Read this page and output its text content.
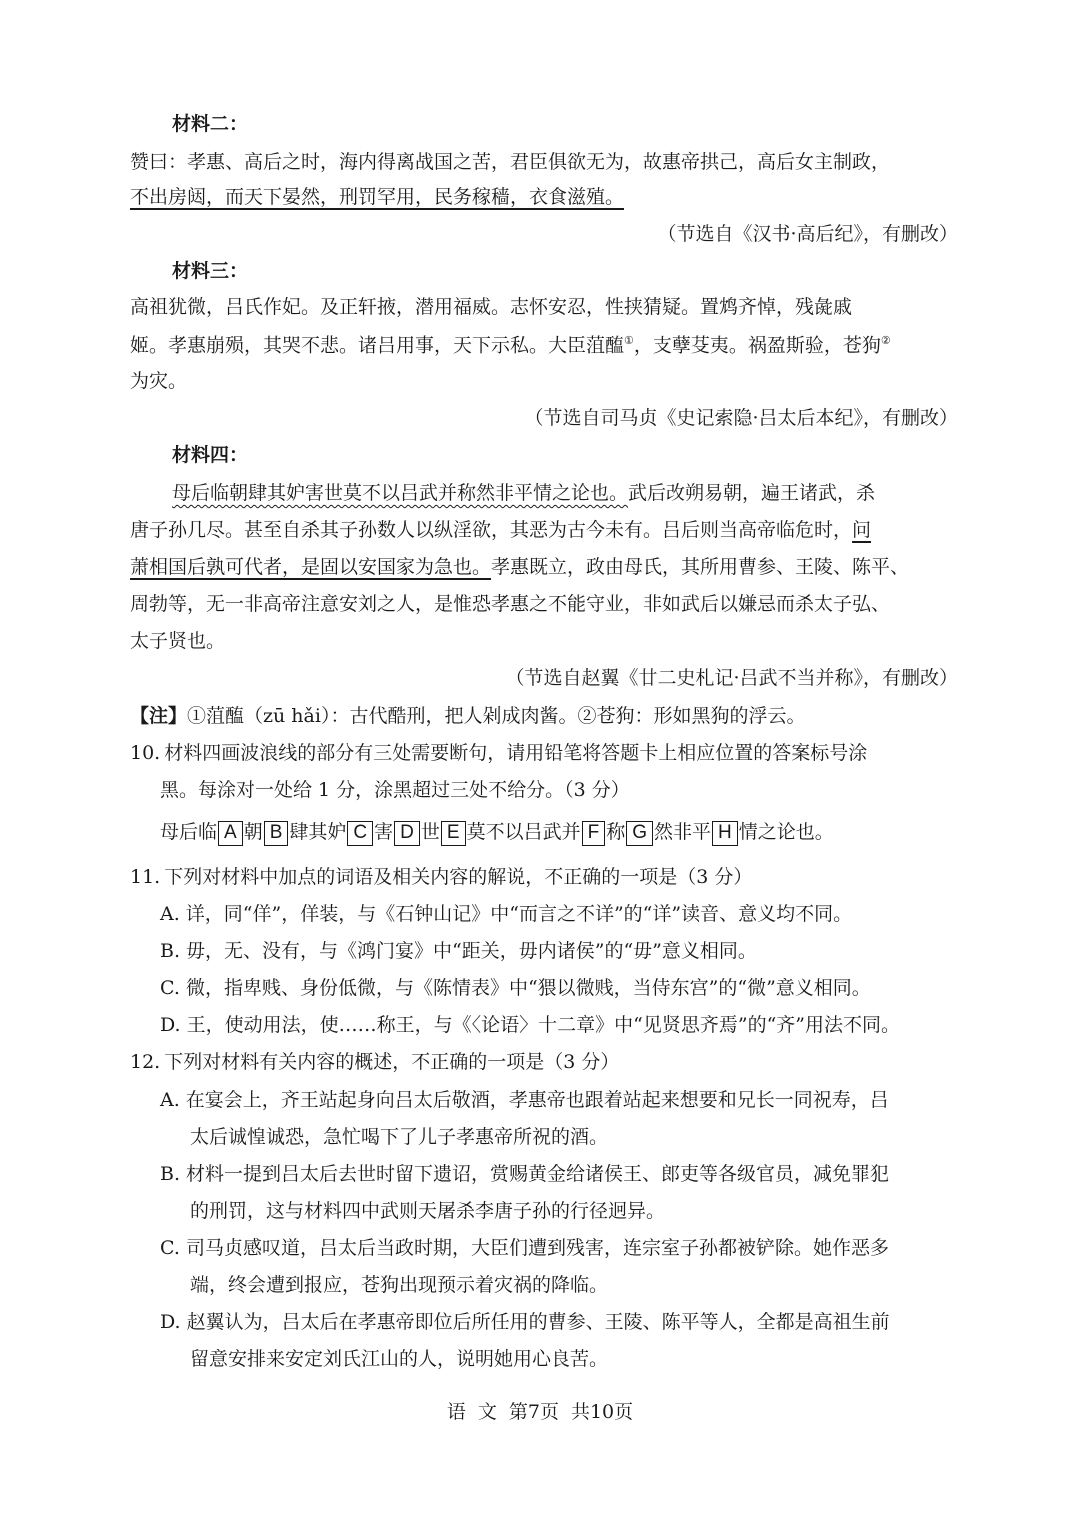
材料二：
赞曰：孝惠、高后之时，海内得离战国之苦，君臣俱欲无为，故惠帝拱己，高后女主制政，
不出房闼，而天下晏然，刑罚罕用，民务稼穑，衣食滋殖。
（节选自《汉书·高后纪》，有删改）
材料三：
高祖犹微，吕氏作妃。及正轩掖，潜用福威。志怀安忍，性挟猜疑。置鸩齐悼，残彘戚
姬。孝惠崩殒，其哭不悲。诸吕用事，天下示私。大臣菹醢①，支孽芟夷。祸盈斯验，苍狗②
为灾。
（节选自司马贞《史记索隐·吕太后本纪》，有删改）
材料四：
母后临朝肆其妒害世莫不以吕武并称然非平情之论也。武后改朔易朝，遍王诸武，杀
唐子孙几尽。甚至自杀其子孙数人以纵淫欲，其恶为古今未有。吕后则当高帝临危时，问
萧相国后孰可代者，是固以安国家为急也。孝惠既立，政由母氏，其所用曹参、王陵、陈平、
周勃等，无一非高帝注意安刘之人，是惟恐孝惠之不能守业，非如武后以嫌忌而杀太子弘、
太子贤也。
（节选自赵翼《廿二史札记·吕武不当并称》，有删改）
【注】①菹醢（zū hǎi）：古代酷刑，把人剁成肉酱。②苍狗：形如黑狗的浮云。
10. 材料四画波浪线的部分有三处需要断句，请用铅笔将答题卡上相应位置的答案标号涂
黑。每涂对一处给 1 分，涂黑超过三处不给分。（3 分）
母后临 A 朝 B 肆其妒 C 害 D 世 E 莫不以吕武并 F 称 G 然非平 H 情之论也。
11. 下列对材料中加点的词语及相关内容的解说，不正确的一项是（3 分）
A. 详，同“佯”，佯装，与《石钟山记》中“而言之不详”的“详”读音、意义均不同。
B. 毋，无、没有，与《鸿门宴》中“距关，毋内诸侯”的“毋”意义相同。
C. 微，指卑贱、身份低微，与《陈情表》中“猥以微贱，当侍东宫”的“微”意义相同。
D. 王，使动用法，使……称王，与《〈论语〉十二章》中“见贤思齐焉”的“齐”用法不同。
12. 下列对材料有关内容的概述，不正确的一项是（3 分）
A. 在宴会上，齐王站起身向吕太后敬酒，孝惠帝也跟着站起来想要和兄长一同祝寿，吕
太后诚惶诚恐，急忙喝下了儿子孝惠帝所祝的酒。
B. 材料一提到吕太后去世时留下遗诏，赏赐黄金给诸侯王、郎吏等各级官员，减免罪犯
的刑罚，这与材料四中武则天屠杀李唐子孙的行径迥异。
C. 司马贞感叹道，吕太后当政时期，大臣们遭到残害，连宗室子孙都被铲除。她作恶多
端，终会遭到报应，苍狗出现预示着灾祸的降临。
D. 赵翼认为，吕太后在孝惠帝即位后所任用的曹参、王陵、陈平等人，全都是高祖生前
留意安排来安定刘氏江山的人，说明她用心良苦。
语 文 第7页 共10页
